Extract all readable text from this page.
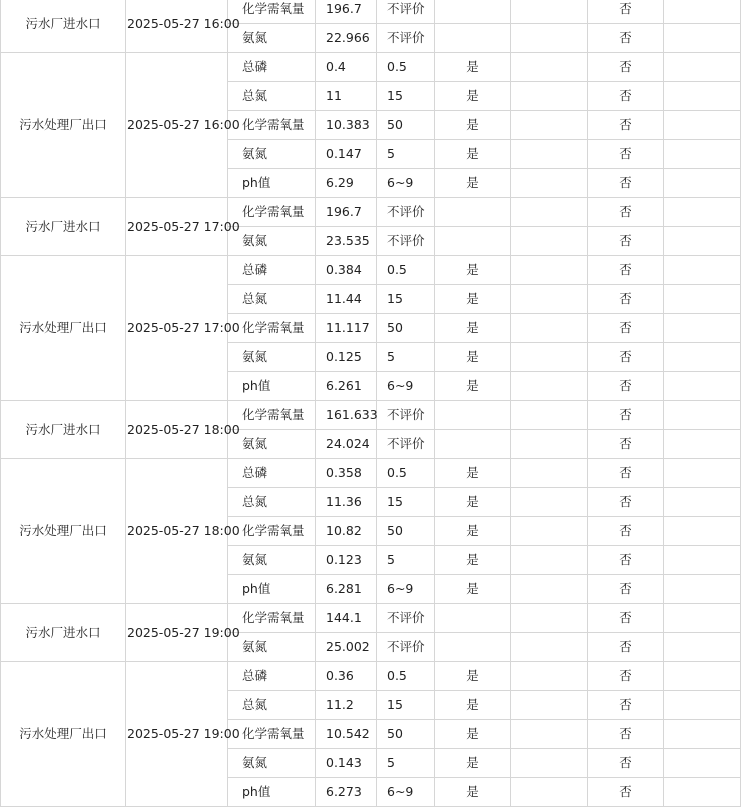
污水厂进水口	2025-05-27 16:00	化学需氧量	196.7	不评价			否	
		氨氮	22.966	不评价			否	
污水处理厂出口	2025-05-27 16:00	总磷	0.4	0.5	是		否	
		总氮	11	15	是		否	
		化学需氧量	10.383	50	是		否	
		氨氮	0.147	5	是		否	
		ph值	6.29	6~9	是		否	
污水厂进水口	2025-05-27 17:00	化学需氧量	196.7	不评价			否	
		氨氮	23.535	不评价			否	
污水处理厂出口	2025-05-27 17:00	总磷	0.384	0.5	是		否	
		总氮	11.44	15	是		否	
		化学需氧量	11.117	50	是		否	
		氨氮	0.125	5	是		否	
		ph值	6.261	6~9	是		否	
污水厂进水口	2025-05-27 18:00	化学需氧量	161.633	不评价			否	
		氨氮	24.024	不评价			否	
污水处理厂出口	2025-05-27 18:00	总磷	0.358	0.5	是		否	
		总氮	11.36	15	是		否	
		化学需氧量	10.82	50	是		否	
		氨氮	0.123	5	是		否	
		ph值	6.281	6~9	是		否	
污水厂进水口	2025-05-27 19:00	化学需氧量	144.1	不评价			否	
		氨氮	25.002	不评价			否	
污水处理厂出口	2025-05-27 19:00	总磷	0.36	0.5	是		否	
		总氮	11.2	15	是		否	
		化学需氧量	10.542	50	是		否	
		氨氮	0.143	5	是		否	
		ph值	6.273	6~9	是		否	
